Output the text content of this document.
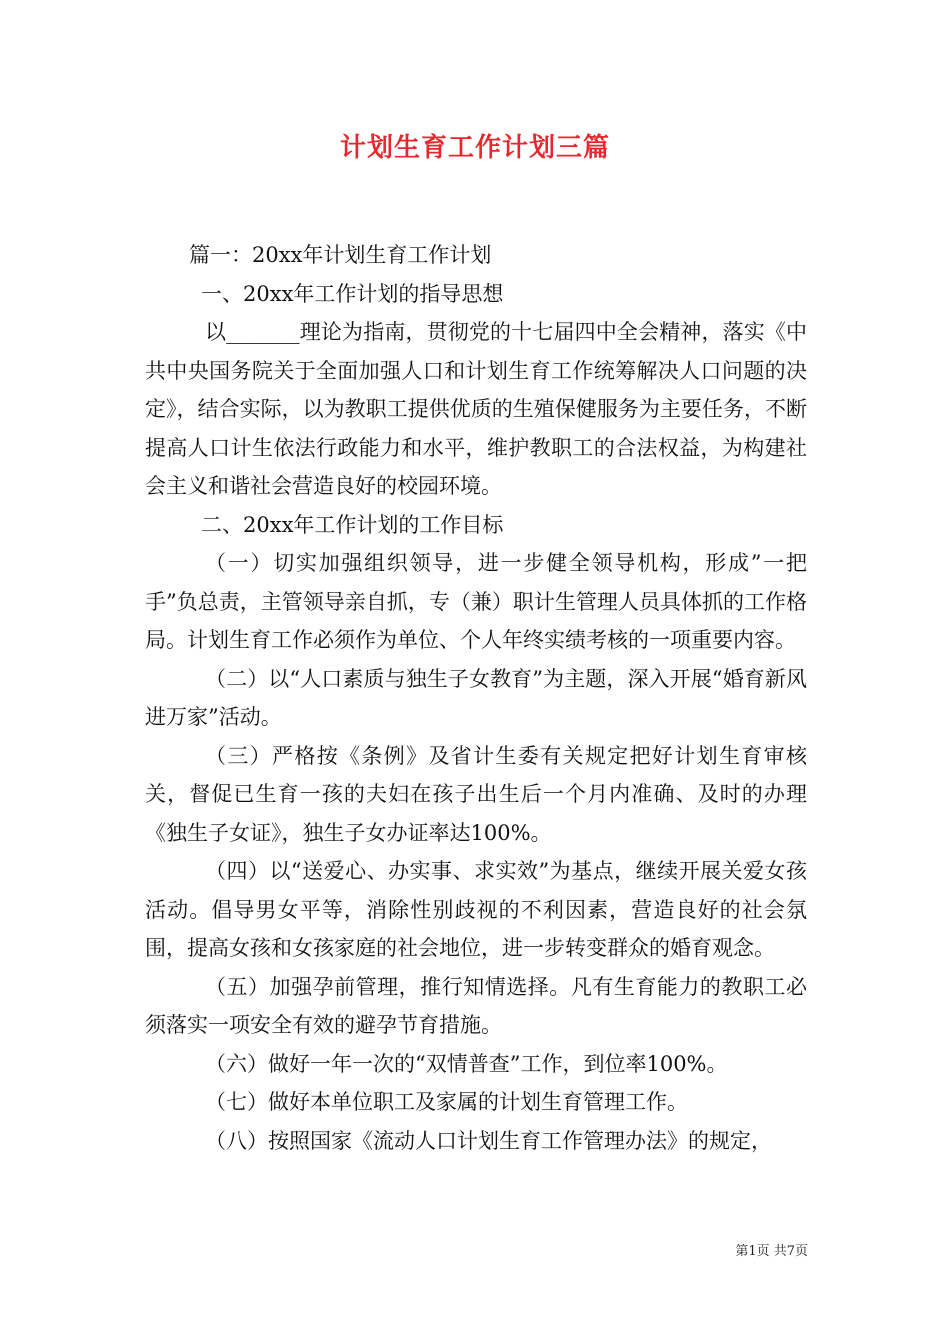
计划生育工作计划三篇

篇一：20xx年计划生育工作计划

一、20xx年工作计划的指导思想

以_______理论为指南，贯彻党的十七届四中全会精神，落实《中共中央国务院关于全面加强人口和计划生育工作统筹解决人口问题的决定》，结合实际，以为教职工提供优质的生殖保健服务为主要任务，不断提高人口计生依法行政能力和水平，维护教职工的合法权益，为构建社会主义和谐社会营造良好的校园环境。

二、20xx年工作计划的工作目标

（一）切实加强组织领导，进一步健全领导机构，形成”一把手”负总责，主管领导亲自抓，专（兼）职计生管理人员具体抓的工作格局。计划生育工作必须作为单位、个人年终实绩考核的一项重要内容。

（二）以“人口素质与独生子女教育”为主题，深入开展“婚育新风进万家”活动。

（三）严格按《条例》及省计生委有关规定把好计划生育审核关，督促已生育一孩的夫妇在孩子出生后一个月内准确、及时的办理《独生子女证》，独生子女办证率达100%。

（四）以“送爱心、办实事、求实效”为基点，继续开展关爱女孩活动。倡导男女平等，消除性别歧视的不利因素，营造良好的社会氛围，提高女孩和女孩家庭的社会地位，进一步转变群众的婚育观念。

（五）加强孕前管理，推行知情选择。凡有生育能力的教职工必须落实一项安全有效的避孕节育措施。

（六）做好一年一次的“双情普查”工作，到位率100%。

（七）做好本单位职工及家属的计划生育管理工作。

（八）按照国家《流动人口计划生育工作管理办法》的规定，

第1页 共7页
